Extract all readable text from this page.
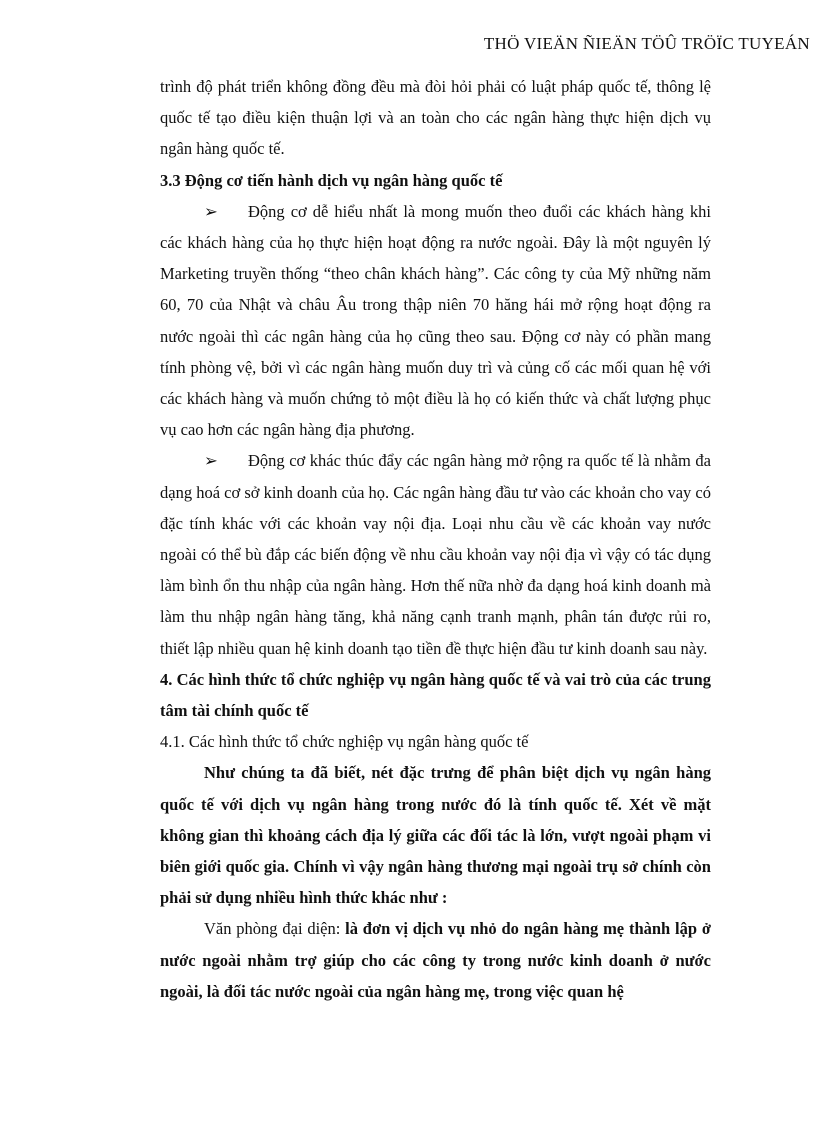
THÖ VIEÄN ÑIEÄN TÖÛ TRÖÏC TUYEÁN

trình độ phát triển không đồng đều mà đòi hỏi phải có luật pháp quốc tế, thông lệ quốc tế tạo điều kiện thuận lợi và an toàn cho các ngân hàng thực hiện dịch vụ ngân hàng quốc tế.

3.3 Động cơ tiến hành dịch vụ ngân hàng quốc tế

➢ Động cơ dễ hiểu nhất là mong muốn theo đuổi các khách hàng khi các khách hàng của họ thực hiện hoạt động ra nước ngoài. Đây là một nguyên lý Marketing truyền thống “theo chân khách hàng”. Các công ty của Mỹ những năm 60, 70 của Nhật và châu Âu trong thập niên 70 hăng hái mở rộng hoạt động ra nước ngoài thì các ngân hàng của họ cũng theo sau. Động cơ này có phần mang tính phòng vệ, bởi vì các ngân hàng muốn duy trì và củng cố các mối quan hệ với các khách hàng và muốn chứng tỏ một điều là họ có kiến thức và chất lượng phục vụ cao hơn các ngân hàng địa phương.

➢ Động cơ khác thúc đẩy các ngân hàng mở rộng ra quốc tế là nhằm đa dạng hoá cơ sở kinh doanh của họ. Các ngân hàng đầu tư vào các khoản cho vay có đặc tính khác với các khoản vay nội địa. Loại nhu cầu về các khoản vay nước ngoài có thể bù đắp các biến động về nhu cầu khoản vay nội địa vì vậy có tác dụng làm bình ổn thu nhập của ngân hàng. Hơn thế nữa nhờ đa dạng hoá kinh doanh mà làm thu nhập ngân hàng tăng, khả năng cạnh tranh mạnh, phân tán được rủi ro, thiết lập nhiều quan hệ kinh doanh tạo tiền đề thực hiện đầu tư kinh doanh sau này.

4. Các hình thức tổ chức nghiệp vụ ngân hàng quốc tế và vai trò của các trung tâm tài chính quốc tế

4.1. Các hình thức tổ chức nghiệp vụ ngân hàng quốc tế

Như chúng ta đã biết, nét đặc trưng để phân biệt dịch vụ ngân hàng quốc tế với dịch vụ ngân hàng trong nước đó là tính quốc tế. Xét về mặt không gian thì khoảng cách địa lý giữa các đối tác là lớn, vượt ngoài phạm vi biên giới quốc gia. Chính vì vậy ngân hàng thương mại ngoài trụ sở chính còn phải sử dụng nhiều hình thức khác như :

Văn phòng đại diện: là đơn vị dịch vụ nhỏ do ngân hàng mẹ thành lập ở nước ngoài nhằm trợ giúp cho các công ty trong nước kinh doanh ở nước ngoài, là đối tác nước ngoài của ngân hàng mẹ, trong việc quan hệ
